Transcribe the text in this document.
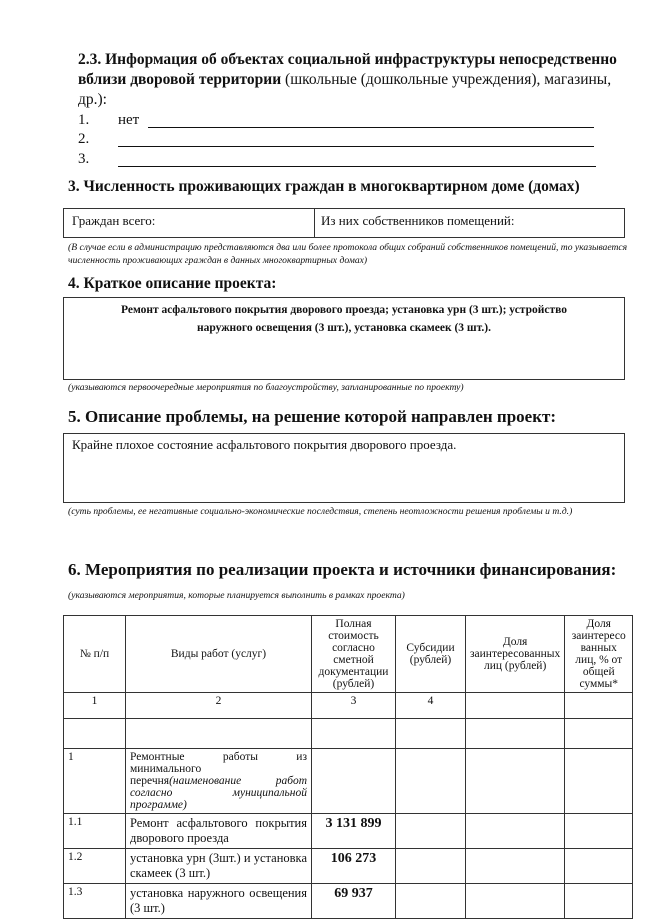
2.3. Информация об объектах социальной инфраструктуры непосредственно вблизи дворовой территории (школьные (дошкольные учреждения), магазины, др.):
1. нет
2.
3.
3. Численность проживающих граждан в многоквартирном доме (домах)
Граждан всего:	Из них собственников помещений:
(В случае если в администрацию представляются два или более протокола общих собраний собственников помещений, то указывается численность проживающих граждан в данных многоквартирных домах)
4. Краткое описание проекта:
Ремонт асфальтового покрытия дворового проезда; установка урн (3 шт.); устройство наружного освещения (3 шт.), установка скамеек (3 шт.).
(указываются первоочередные мероприятия по благоустройству, запланированные по проекту)
5. Описание проблемы, на решение которой направлен проект:
Крайне плохое состояние асфальтового покрытия дворового проезда.
(суть проблемы, ее негативные социально-экономические последствия, степень неотложности решения проблемы и т.д.)
6. Мероприятия по реализации проекта и источники финансирования:
(указываются мероприятия, которые планируется выполнить в рамках проекта)
№ п/п	Виды работ (услуг)	Полная стоимость согласно сметной документации (рублей)	Субсидии (рублей)	Доля заинтересованных лиц (рублей)	Доля заинтересо ванных лиц, % от общей суммы*
1	2	3	4		

1	Ремонтные работы из минимального перечня(наименование работ согласно муниципальной программе)				
1.1	Ремонт асфальтового покрытия дворового проезда	3 131 899			
1.2	установка урн (3шт.) и установка скамеек (3 шт.)	106 273			
1.3	установка наружного освещения (3 шт.)	69 937			
